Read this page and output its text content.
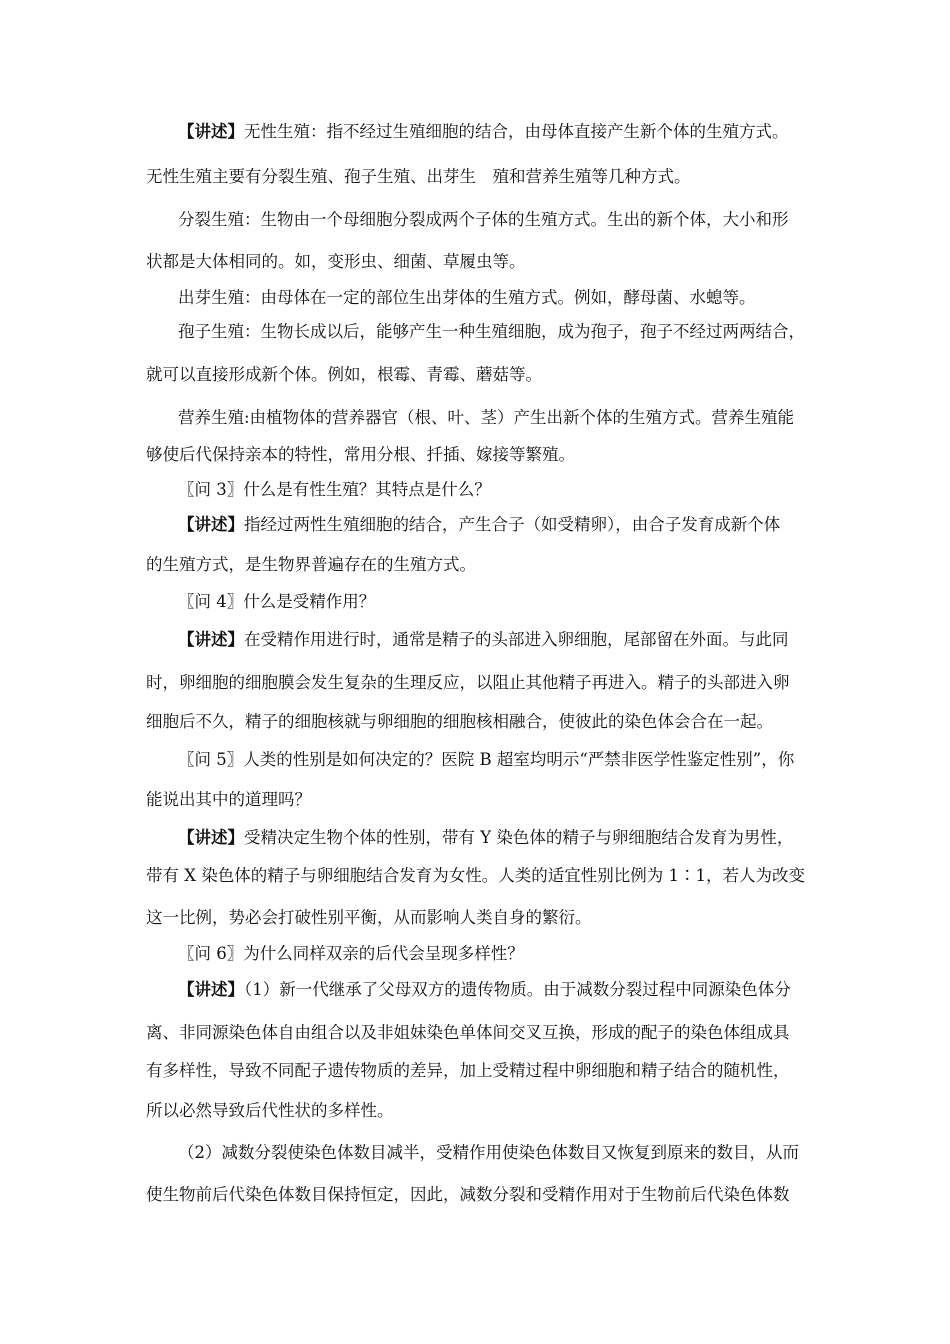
【讲述】无性生殖：指不经过生殖细胞的结合，由母体直接产生新个体的生殖方式。
无性生殖主要有分裂生殖、孢子生殖、出芽生　殖和营养生殖等几种方式。
分裂生殖：生物由一个母细胞分裂成两个子体的生殖方式。生出的新个体，大小和形
状都是大体相同的。如，变形虫、细菌、草履虫等。
出芽生殖：由母体在一定的部位生出芽体的生殖方式。例如，酵母菌、水螅等。
孢子生殖：生物长成以后，能够产生一种生殖细胞，成为孢子，孢子不经过两两结合，
就可以直接形成新个体。例如，根霉、青霉、蘑菇等。
营养生殖:由植物体的营养器官（根、叶、茎）产生出新个体的生殖方式。营养生殖能
够使后代保持亲本的特性，常用分根、扦插、嫁接等繁殖。
〖问 3〗什么是有性生殖？其特点是什么？
【讲述】指经过两性生殖细胞的结合，产生合子（如受精卵），由合子发育成新个体
的生殖方式，是生物界普遍存在的生殖方式。
〖问 4〗什么是受精作用？
【讲述】在受精作用进行时，通常是精子的头部进入卵细胞，尾部留在外面。与此同
时，卵细胞的细胞膜会发生复杂的生理反应，以阻止其他精子再进入。精子的头部进入卵
细胞后不久，精子的细胞核就与卵细胞的细胞核相融合，使彼此的染色体会合在一起。
〖问 5〗人类的性别是如何决定的？医院 B 超室均明示“严禁非医学性鉴定性别”，你
能说出其中的道理吗？
【讲述】受精决定生物个体的性别，带有 Y 染色体的精子与卵细胞结合发育为男性，
带有 X 染色体的精子与卵细胞结合发育为女性。人类的适宜性别比例为 1∶1，若人为改变
这一比例，势必会打破性别平衡，从而影响人类自身的繁衍。
〖问 6〗为什么同样双亲的后代会呈现多样性？
【讲述】（1）新一代继承了父母双方的遗传物质。由于减数分裂过程中同源染色体分
离、非同源染色体自由组合以及非姐妹染色单体间交叉互换，形成的配子的染色体组成具
有多样性，导致不同配子遗传物质的差异，加上受精过程中卵细胞和精子结合的随机性，
所以必然导致后代性状的多样性。
（2）减数分裂使染色体数目减半，受精作用使染色体数目又恢复到原来的数目，从而
使生物前后代染色体数目保持恒定，因此，减数分裂和受精作用对于生物前后代染色体数
